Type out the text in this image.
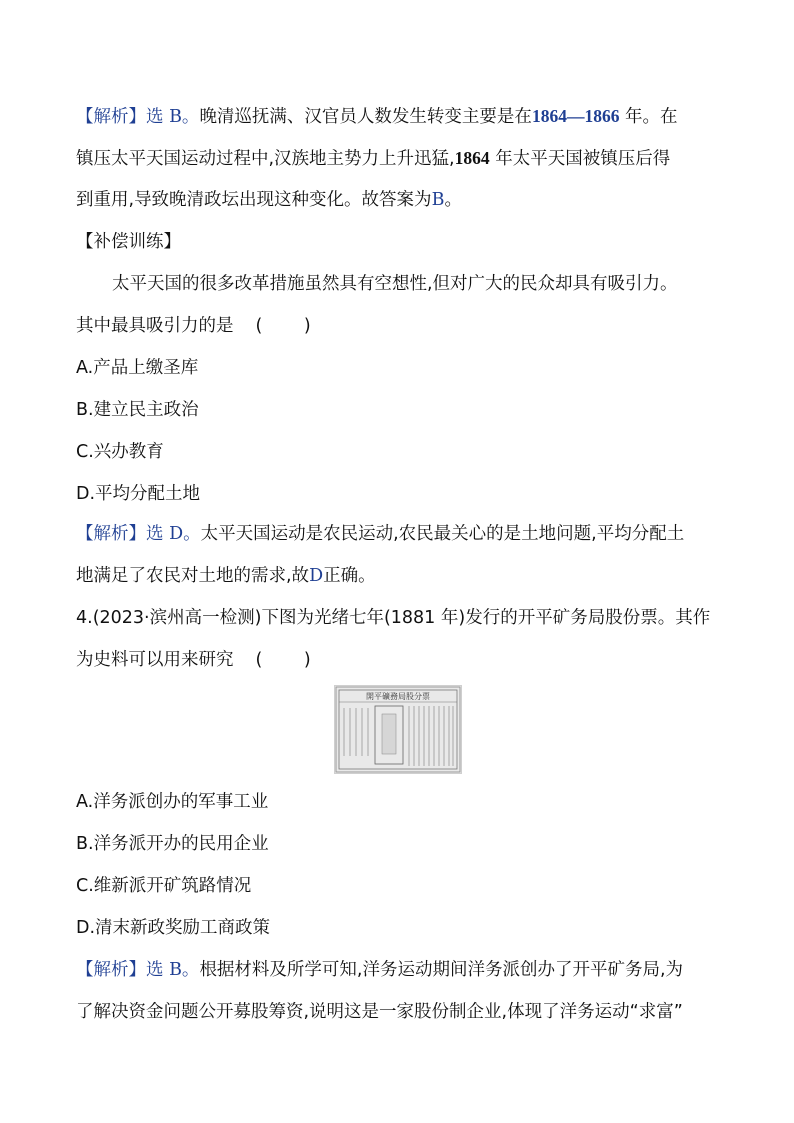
【解析】选 B。晚清巡抚满、汉官员人数发生转变主要是在1864—1866 年。在
镇压太平天国运动过程中,汉族地主势力上升迅猛,1864 年太平天国被镇压后得
到重用,导致晚清政坛出现这种变化。故答案为B。
【补偿训练】
太平天国的很多改革措施虽然具有空想性,但对广大的民众却具有吸引力。
其中最具吸引力的是 ( )
A.产品上缴圣库
B.建立民主政治
C.兴办教育
D.平均分配土地
【解析】选 D。太平天国运动是农民运动,农民最关心的是土地问题,平均分配土
地满足了农民对土地的需求,故D正确。
4.(2023·滨州高一检测)下图为光绪七年(1881 年)发行的开平矿务局股份票。其作
为史料可以用来研究 ( )
開平礦務局股分票
A.洋务派创办的军事工业
B.洋务派开办的民用企业
C.维新派开矿筑路情况
D.清末新政奖励工商政策
【解析】选 B。根据材料及所学可知,洋务运动期间洋务派创办了开平矿务局,为
了解决资金问题公开募股筹资,说明这是一家股份制企业,体现了洋务运动“求富”
